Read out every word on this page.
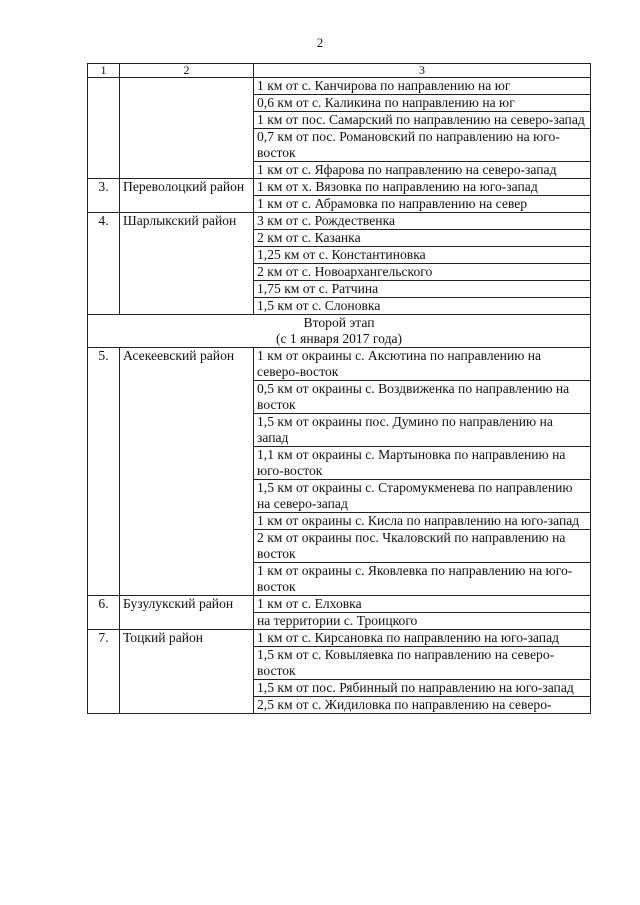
2
1	2	3
		1 км от с. Канчирова по направлению на юг
		0,6 км от с. Каликина по направлению на юг
		1 км от пос. Самарский по направлению на северо-запад
		0,7 км от пос. Романовский по направлению на юго-восток
		1 км от с. Яфарова по направлению на северо-запад
3.	Переволоцкий район	1 км от х. Вязовка по направлению на юго-запад
		1 км от с. Абрамовка по направлению на север
4.	Шарлыкский район	3 км от с. Рождественка
		2 км от с. Казанка
		1,25 км от с. Константиновка
		2 км от с. Новоархангельского
		1,75 км от с. Ратчина
		1,5 км от с. Слоновка

Второй этап
(с 1 января 2017 года)		

5.	Асекеевский район	1 км от окраины с. Аксютина по направлению на северо-восток
		0,5 км от окраины с. Воздвиженка по направлению на восток
		1,5 км от окраины пос. Думино по направлению на запад
		1,1 км от окраины с. Мартыновка по направлению на юго-восток
		1,5 км от окраины с. Старомукменева по направлению на северо-запад
		1 км от окраины с. Кисла по направлению на юго-запад
		2 км от окраины пос. Чкаловский по направлению на восток
		1 км от окраины с. Яковлевка по направлению на юго-восток
6.	Бузулукский район	1 км от с. Елховка
		на территории с. Троицкого
7.	Тоцкий район	1 км от с. Кирсановка по направлению на юго-запад
		1,5 км от с. Ковыляевка по направлению на северо-восток
		1,5 км от пос. Рябинный по направлению на юго-запад
		2,5 км от с. Жидиловка по направлению на северо-
